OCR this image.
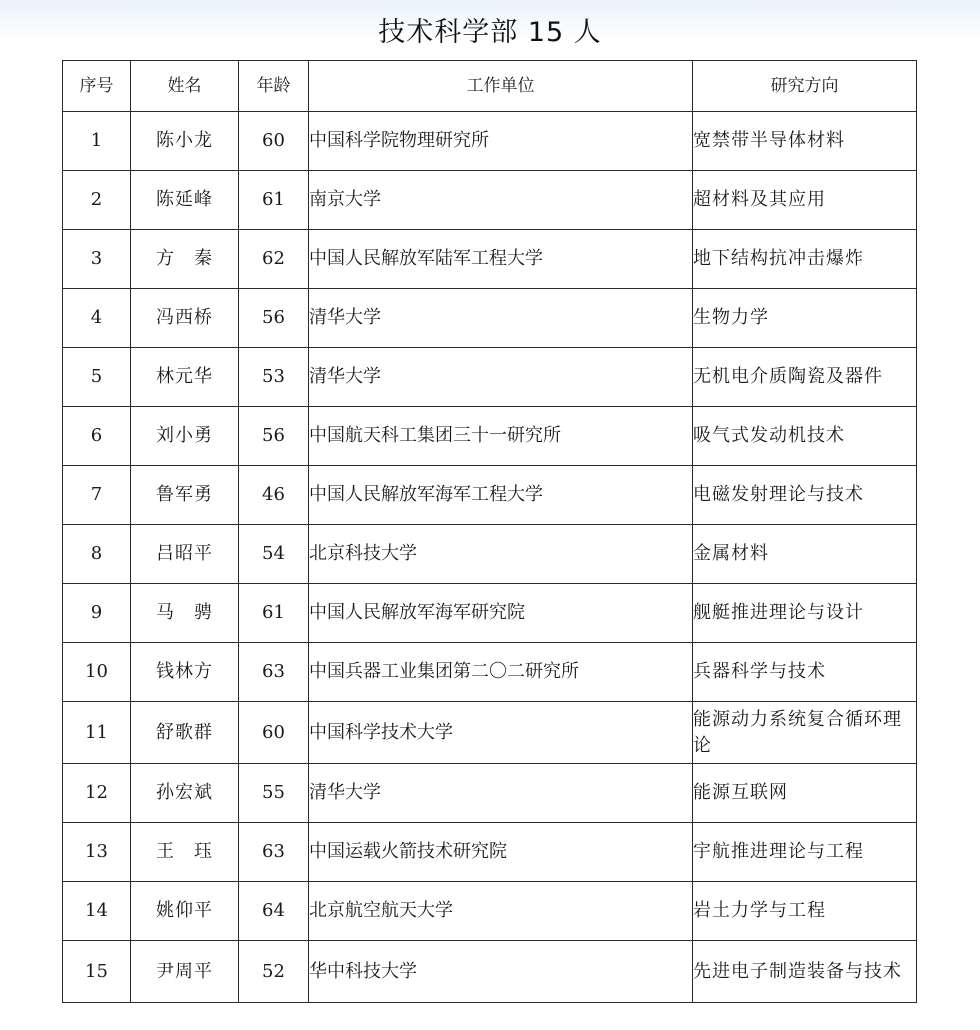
技术科学部 15 人
序号	姓名	年龄	工作单位	研究方向
1	陈小龙	60	中国科学院物理研究所	宽禁带半导体材料
2	陈延峰	61	南京大学	超材料及其应用
3	方　秦	62	中国人民解放军陆军工程大学	地下结构抗冲击爆炸
4	冯西桥	56	清华大学	生物力学
5	林元华	53	清华大学	无机电介质陶瓷及器件
6	刘小勇	56	中国航天科工集团三十一研究所	吸气式发动机技术
7	鲁军勇	46	中国人民解放军海军工程大学	电磁发射理论与技术
8	吕昭平	54	北京科技大学	金属材料
9	马　骋	61	中国人民解放军海军研究院	舰艇推进理论与设计
10	钱林方	63	中国兵器工业集团第二〇二研究所	兵器科学与技术
11	舒歌群	60	中国科学技术大学	能源动力系统复合循环理论
12	孙宏斌	55	清华大学	能源互联网
13	王　珏	63	中国运载火箭技术研究院	宇航推进理论与工程
14	姚仰平	64	北京航空航天大学	岩土力学与工程
15	尹周平	52	华中科技大学	先进电子制造装备与技术
